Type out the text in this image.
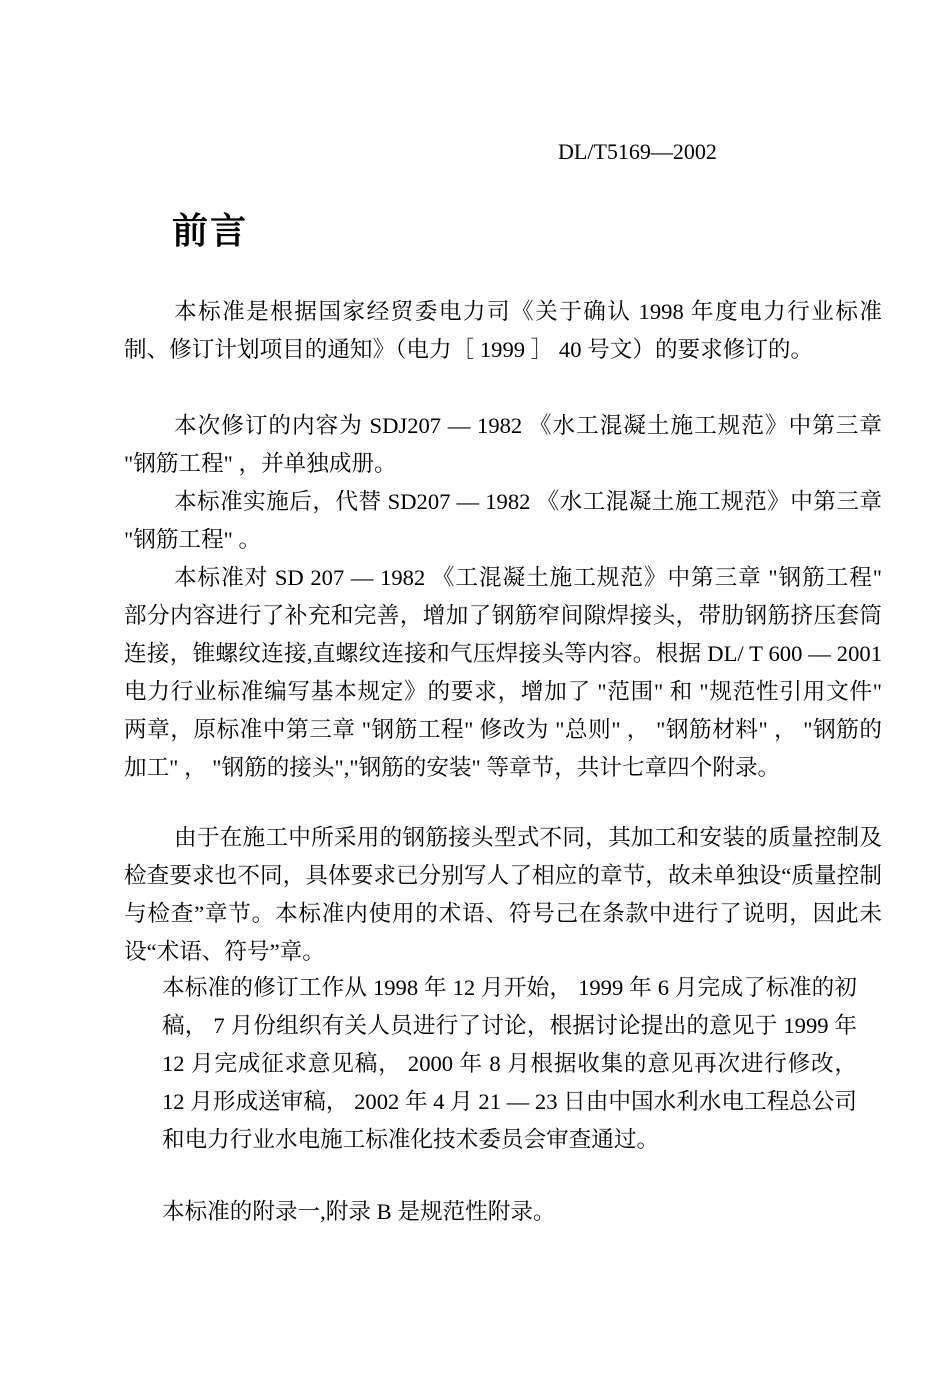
DL/T5169—2002
前言
本标准是根据国家经贸委电力司《关于确认 1998 年度电力行业标准制、修订计划项目的通知》（电力［ 1999 ］ 40 号文）的要求修订的。
本次修订的内容为 SDJ207 — 1982 《水工混凝土施工规范》中第三章 "钢筋工程" ，并单独成册。
本标准实施后，代替 SD207 — 1982 《水工混凝土施工规范》中第三章 "钢筋工程" 。
本标准对 SD 207 — 1982 《工混凝土施工规范》中第三章 "钢筋工程" 部分内容进行了补充和完善，增加了钢筋窄间隙焊接头，带肋钢筋挤压套筒连接，锥螺纹连接,直螺纹连接和气压焊接头等内容。根据 DL/ T 600 — 2001 电力行业标准编写基本规定》的要求，增加了 "范围" 和 "规范性引用文件" 两章，原标准中第三章 "钢筋工程" 修改为 "总则" ， "钢筋材料" ， "钢筋的加工" ， "钢筋的接头","钢筋的安装" 等章节，共计七章四个附录。
由于在施工中所采用的钢筋接头型式不同，其加工和安装的质量控制及检查要求也不同，具体要求已分别写人了相应的章节，故未单独设“质量控制与检查”章节。本标准内使用的术语、符号己在条款中进行了说明，因此未设“术语、符号”章。
本标准的修订工作从 1998 年 12 月开始， 1999 年 6 月完成了标准的初稿， 7 月份组织有关人员进行了讨论，根据讨论提出的意见于 1999 年 12 月完成征求意见稿， 2000 年 8 月根据收集的意见再次进行修改， 12 月形成送审稿， 2002 年 4 月 21 — 23 日由中国水利水电工程总公司和电力行业水电施工标准化技术委员会审查通过。
本标准的附录一,附录 B 是规范性附录。
